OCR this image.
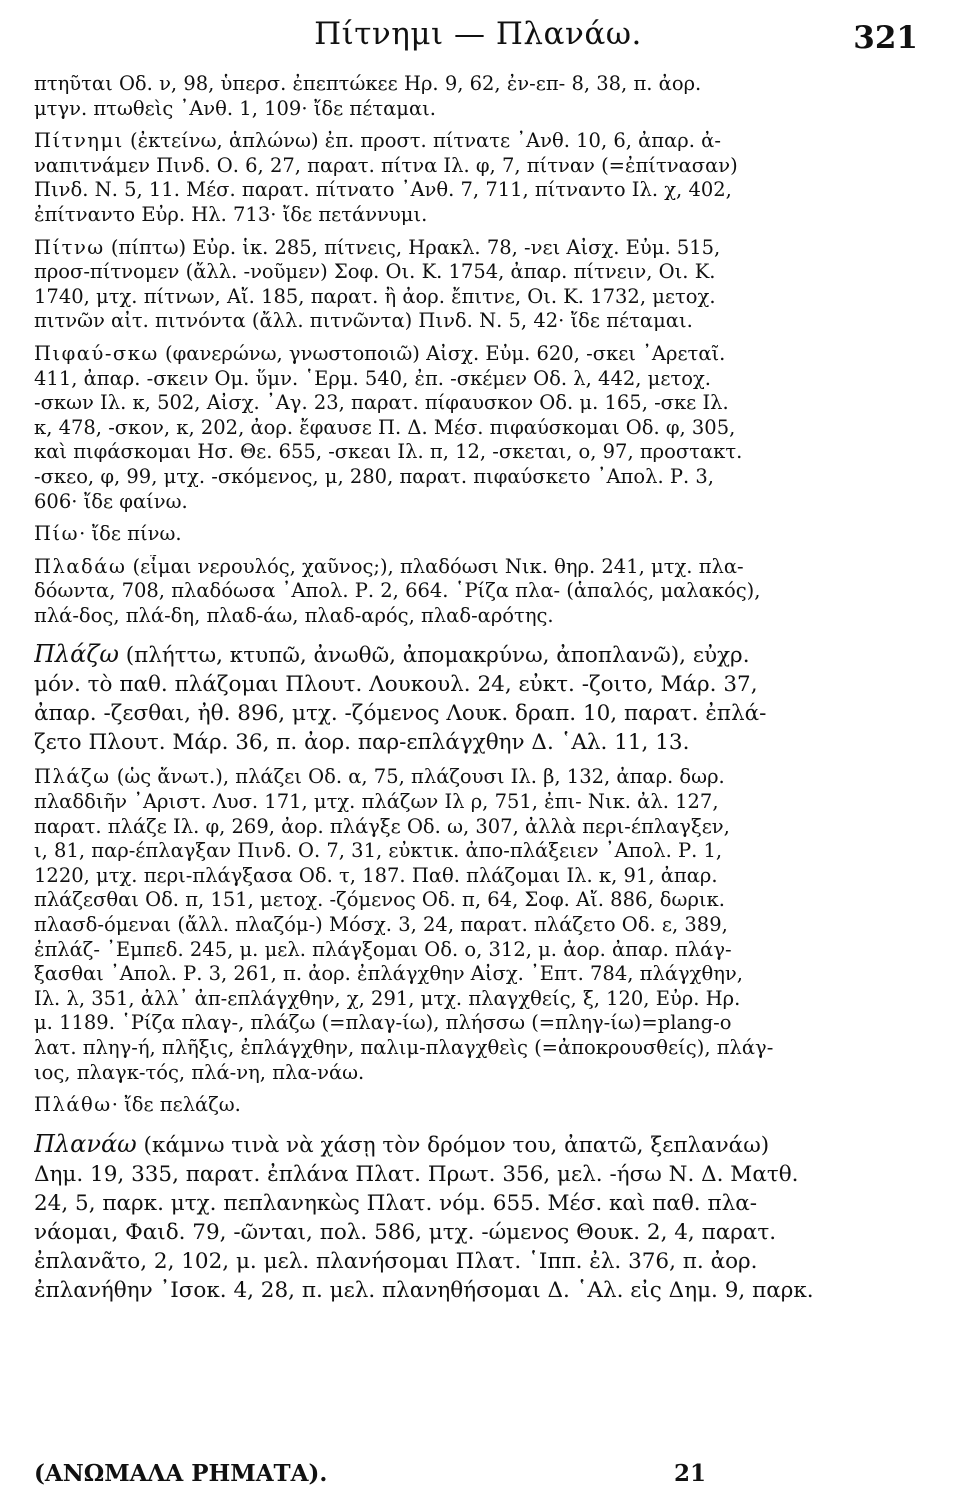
Πίτνημι — Πλανάω.	321
πτηῦται Οδ. ν, 98, ὑπερσ. ἐπεπτώκεε Ηρ. 9, 62, ἐν-επ- 8, 38, π. ἀορ.
μτγν. πτωθεὶς ᾽Ανθ. 1, 109· ἴδε πέταμαι.
Πίτνημι (ἐκτείνω, ἁπλώνω) ἐπ. προστ. πίτνατε ᾽Ανθ. 10, 6, ἀπαρ. ἀ-
ναπιτνάμεν Πινδ. Ο. 6, 27, παρατ. πίτνα Ιλ. φ, 7, πίτναν (=ἐπίτνασαν)
Πινδ. Ν. 5, 11. Μέσ. παρατ. πίτνατο ᾽Ανθ. 7, 711, πίτναντο Ιλ. χ, 402,
ἐπίτναντο Εὐρ. Ηλ. 713· ἴδε πετάννυμι.
Πίτνω (πίπτω) Εὐρ. ἱκ. 285, πίτνεις, Ηρακλ. 78, -νει Αἰσχ. Εὐμ. 515,
προσ-πίτνομεν (ἄλλ. -νοῦμεν) Σοφ. Οι. Κ. 1754, ἀπαρ. πίτνειν, Οι. Κ.
1740, μτχ. πίτνων, Αἴ. 185, παρατ. ἢ ἀορ. ἔπιτνε, Οι. Κ. 1732, μετοχ.
πιτνῶν αἰτ. πιτνόντα (ἄλλ. πιτνῶντα) Πινδ. Ν. 5, 42· ἴδε πέταμαι.
Πιφαύ-σκω (φανερώνω, γνωστοποιῶ) Αἰσχ. Εὐμ. 620, -σκει ᾽Αρεταῖ.
411, ἀπαρ. -σκειν Ομ. ὕμν. ῾Ερμ. 540, ἐπ. -σκέμεν Οδ. λ, 442, μετοχ.
-σκων Ιλ. κ, 502, Αἰσχ. ᾽Αγ. 23, παρατ. πίφαυσκον Οδ. μ. 165, -σκε Ιλ.
κ, 478, -σκον, κ, 202, ἀορ. ἔφαυσε Π. Δ. Μέσ. πιφαύσκομαι Οδ. φ, 305,
καὶ πιφάσκομαι Ησ. Θε. 655, -σκεαι Ιλ. π, 12, -σκεται, ο, 97, προστακτ.
-σκεο, φ, 99, μτχ. -σκόμενος, μ, 280, παρατ. πιφαύσκετο ᾽Απολ. Ρ. 3,
606· ἴδε φαίνω.
Πίω· ἴδε πίνω.
Πλαδάω (εἶμαι νερουλός, χαῦνος;), πλαδόωσι Νικ. θηρ. 241, μτχ. πλα-
δόωντα, 708, πλαδόωσα ᾽Απολ. Ρ. 2, 664. ῾Ρίζα πλα- (ἁπαλός, μαλακός),
πλά-δος, πλά-δη, πλαδ-άω, πλαδ-αρός, πλαδ-αρότης.
Πλάζω (πλήττω, κτυπῶ, ἀνωθῶ, ἀπομακρύνω, ἀποπλανῶ), εὐχρ.
μόν. τὸ παθ. πλάζομαι Πλουτ. Λουκουλ. 24, εὐκτ. -ζοιτο, Μάρ. 37,
ἀπαρ. -ζεσθαι, ἠθ. 896, μτχ. -ζόμενος Λουκ. δραπ. 10, παρατ. ἐπλά-
ζετο Πλουτ. Μάρ. 36, π. ἀορ. παρ-επλάγχθην Δ. ῾Αλ. 11, 13.
Πλάζω (ὡς ἄνωτ.), πλάζει Οδ. α, 75, πλάζουσι Ιλ. β, 132, ἀπαρ. δωρ.
πλαδδιῆν ᾽Αριστ. Λυσ. 171, μτχ. πλάζων Ιλ ρ, 751, ἐπι- Νικ. ἀλ. 127,
παρατ. πλάζε Ιλ. φ, 269, ἀορ. πλάγξε Οδ. ω, 307, ἀλλὰ περι-έπλαγξεν,
ι, 81, παρ-έπλαγξαν Πινδ. Ο. 7, 31, εὐκτικ. ἀπο-πλάξειεν ᾽Απολ. Ρ. 1,
1220, μτχ. περι-πλάγξασα Οδ. τ, 187. Παθ. πλάζομαι Ιλ. κ, 91, ἀπαρ.
πλάζεσθαι Οδ. π, 151, μετοχ. -ζόμενος Οδ. π, 64, Σοφ. Αἴ. 886, δωρικ.
πλασδ-όμεναι (ἄλλ. πλαζόμ-) Μόσχ. 3, 24, παρατ. πλάζετο Οδ. ε, 389,
ἐπλάζ- ᾽Εμπεδ. 245, μ. μελ. πλάγξομαι Οδ. ο, 312, μ. ἀορ. ἀπαρ. πλάγ-
ξασθαι ᾽Απολ. Ρ. 3, 261, π. ἀορ. ἐπλάγχθην Αἰσχ. ᾽Επτ. 784, πλάγχθην,
Ιλ. λ, 351, ἀλλ᾽ ἀπ-επλάγχθην, χ, 291, μτχ. πλαγχθείς, ξ, 120, Εὐρ. Ηρ.
μ. 1189. ῾Ρίζα πλαγ-, πλάζω (=πλαγ-ίω), πλήσσω (=πληγ-ίω)=plang-o
λατ. πληγ-ή, πλῆξις, ἐπλάγχθην, παλιμ-πλαγχθεὶς (=ἀποκρουσθείς), πλάγ-
ιος, πλαγκ-τός, πλά-νη, πλα-νάω.
Πλάθω· ἴδε πελάζω.
Πλανάω (κάμνω τινὰ νὰ χάσῃ τὸν δρόμον του, ἀπατῶ, ξεπλανάω)
Δημ. 19, 335, παρατ. ἐπλάνα Πλατ. Πρωτ. 356, μελ. -ήσω Ν. Δ. Ματθ.
24, 5, παρκ. μτχ. πεπλανηκὼς Πλατ. νόμ. 655. Μέσ. καὶ παθ. πλα-
νάομαι, Φαιδ. 79, -ῶνται, πολ. 586, μτχ. -ώμενος Θουκ. 2, 4, παρατ.
ἐπλανᾶτο, 2, 102, μ. μελ. πλανήσομαι Πλατ. ῾Ιππ. ἐλ. 376, π. ἀορ.
ἐπλανήθην ᾽Ισοκ. 4, 28, π. μελ. πλανηθήσομαι Δ. ῾Αλ. εἰς Δημ. 9, παρκ.
(ΑΝΩΜΑΛΑ ΡΗΜΑΤΑ).	21
